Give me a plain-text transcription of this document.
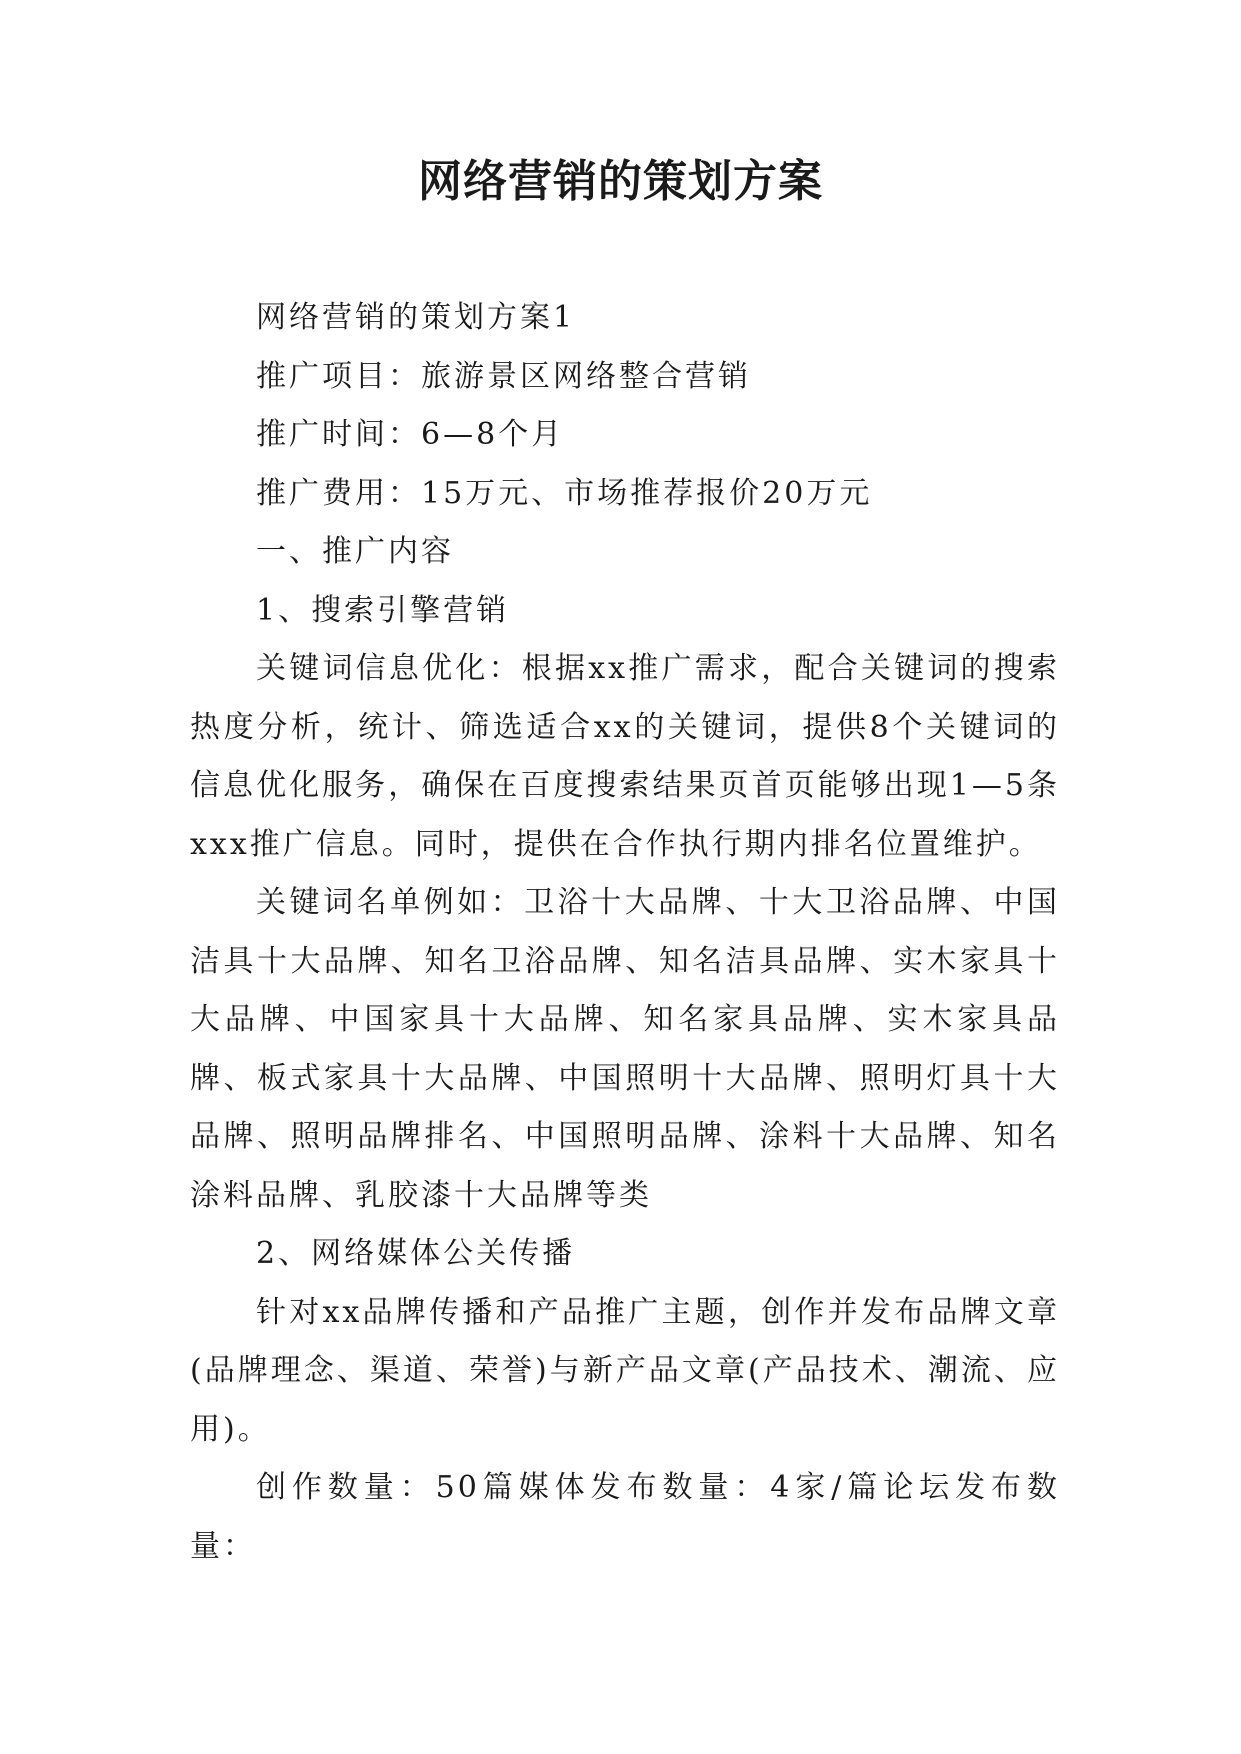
网络营销的策划方案

网络营销的策划方案1

推广项目：旅游景区网络整合营销

推广时间：6—8个月

推广费用：15万元、市场推荐报价20万元

一、推广内容

1、搜索引擎营销

关键词信息优化：根据xx推广需求，配合关键词的搜索热度分析，统计、筛选适合xx的关键词，提供8个关键词的信息优化服务，确保在百度搜索结果页首页能够出现1—5条xxx推广信息。同时，提供在合作执行期内排名位置维护。

关键词名单例如：卫浴十大品牌、十大卫浴品牌、中国洁具十大品牌、知名卫浴品牌、知名洁具品牌、实木家具十大品牌、中国家具十大品牌、知名家具品牌、实木家具品牌、板式家具十大品牌、中国照明十大品牌、照明灯具十大品牌、照明品牌排名、中国照明品牌、涂料十大品牌、知名涂料品牌、乳胶漆十大品牌等类

2、网络媒体公关传播

针对xx品牌传播和产品推广主题，创作并发布品牌文章(品牌理念、渠道、荣誉)与新产品文章(产品技术、潮流、应用)。

创作数量：50篇媒体发布数量：4家/篇论坛发布数量：
